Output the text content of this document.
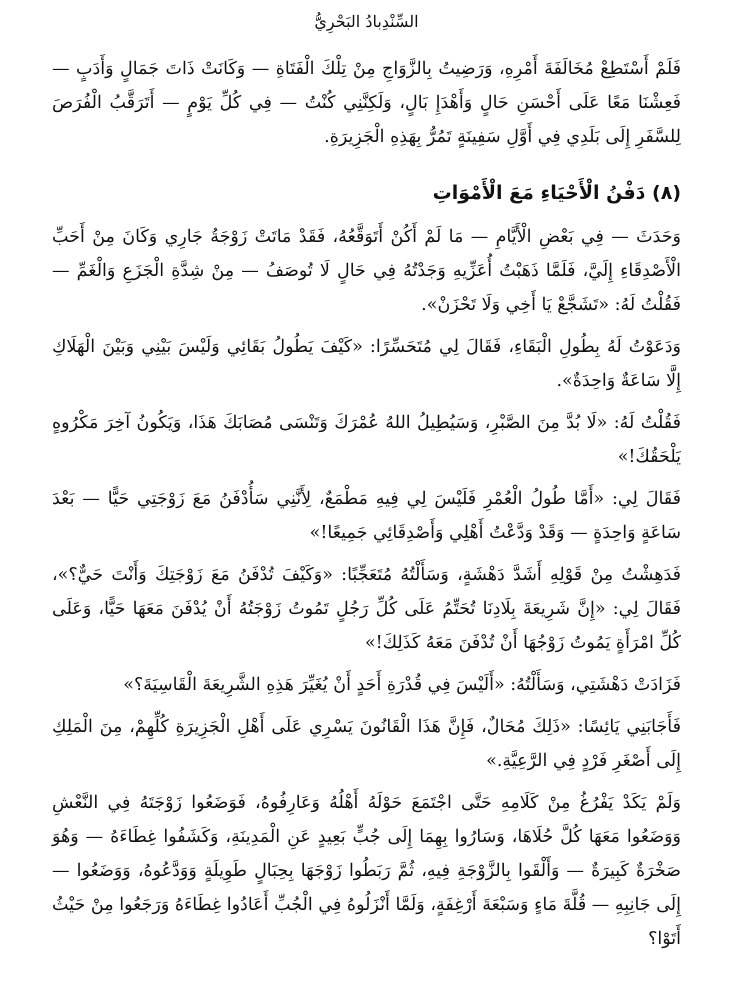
السِّنْدِبادُ البَحْرِيُّ

فَلَمْ أَسْتَطِعْ مُخَالَفَةَ أَمْرِهِ، وَرَضِيتُ بِالزَّوَاجِ مِنْ تِلْكَ الْفَتَاةِ — وَكَانَتْ ذَاتَ جَمَالٍ وَأَدَبٍ — فَعِشْنَا مَعًا عَلَى أَحْسَنِ حَالٍ وَأَهْدَإِ بَالٍ، وَلَكِنَّنِي كُنْتُ — فِي كُلِّ يَوْمٍ — أَتَرَقَّبُ الْفُرَصَ لِلسَّفَرِ إِلَى بَلَدِي فِي أَوَّلِ سَفِينَةٍ تَمُرُّ بِهَذِهِ الْجَزِيرَةِ.

(٨) دَفْنُ الْأَحْيَاءِ مَعَ الْأَمْوَاتِ

وَحَدَثَ — فِي بَعْضِ الْأَيَّامِ — مَا لَمْ أَكُنْ أَتَوَقَّعُهُ، فَقَدْ مَاتَتْ زَوْجَةُ جَارِي وَكَانَ مِنْ أَحَبِّ الْأَصْدِقَاءِ إِلَيَّ، فَلَمَّا ذَهَبْتُ أُعَزِّيهِ وَجَدْتُهُ فِي حَالٍ لَا تُوصَفُ — مِنْ شِدَّةِ الْجَزَعِ وَالْغَمِّ — فَقُلْتُ لَهُ: «تَشَجَّعْ يَا أَخِي وَلَا تَحْزَنْ».

وَدَعَوْتُ لَهُ بِطُولِ الْبَقَاءِ، فَقَالَ لِي مُتَحَسِّرًا: «كَيْفَ يَطُولُ بَقَائِي وَلَيْسَ بَيْنِي وَبَيْنَ الْهَلَاكِ إِلَّا سَاعَةٌ وَاحِدَةٌ».

فَقُلْتُ لَهُ: «لَا بُدَّ مِنَ الصَّبْرِ، وَسَيُطِيلُ اللهُ عُمْرَكَ وَتَنْسَى مُصَابَكَ هَذَا، وَيَكُونُ آخِرَ مَكْرُوهٍ يَلْحَقُكَ!»

فَقَالَ لِي: «أَمَّا طُولُ الْعُمْرِ فَلَيْسَ لِي فِيهِ مَطْمَعٌ، لِأَنَّنِي سَأُدْفَنُ مَعَ زَوْجَتِي حَيًّا — بَعْدَ سَاعَةٍ وَاحِدَةٍ — وَقَدْ وَدَّعْتُ أَهْلِي وَأَصْدِقَائِي جَمِيعًا!»

فَدَهِشْتُ مِنْ قَوْلِهِ أَشَدَّ دَهْشَةٍ، وَسَأَلْتُهُ مُتَعَجِّبًا: «وَكَيْفَ تُدْفَنُ مَعَ زَوْجَتِكَ وَأَنْتَ حَيٌّ؟»، فَقَالَ لِي: «إِنَّ شَرِيعَةَ بِلَادِنَا تُحَتِّمُ عَلَى كُلِّ رَجُلٍ تَمُوتُ زَوْجَتُهُ أَنْ يُدْفَنَ مَعَهَا حَيًّا، وَعَلَى كُلِّ امْرَأَةٍ يَمُوتُ زَوْجُهَا أَنْ تُدْفَنَ مَعَهُ كَذَلِكَ!»

فَزَادَتْ دَهْشَتِي، وَسَأَلْتُهُ: «أَلَيْسَ فِي قُدْرَةِ أَحَدٍ أَنْ يُغَيِّرَ هَذِهِ الشَّرِيعَةَ الْقَاسِيَةَ؟»

فَأَجَابَنِي يَائِسًا: «ذَلِكَ مُحَالٌ، فَإِنَّ هَذَا الْقَانُونَ يَسْرِي عَلَى أَهْلِ الْجَزِيرَةِ كُلِّهِمْ، مِنَ الْمَلِكِ إِلَى أَصْغَرِ فَرْدٍ فِي الرَّعِيَّةِ.»

وَلَمْ يَكَدْ يَفْرُغُ مِنْ كَلَامِهِ حَتَّى اجْتَمَعَ حَوْلَهُ أَهْلُهُ وَعَارِفُوهُ، فَوَضَعُوا زَوْجَتَهُ فِي النَّعْشِ وَوَضَعُوا مَعَهَا كُلَّ حُلَاهَا، وَسَارُوا بِهِمَا إِلَى جُبٍّ بَعِيدٍ عَنِ الْمَدِينَةِ، وَكَشَفُوا غِطَاءَهُ — وَهُوَ صَخْرَةٌ كَبِيرَةٌ — وَأَلْقَوا بِالزَّوْجَةِ فِيهِ، ثُمَّ رَبَطُوا زَوْجَهَا بِحِبَالٍ طَوِيلَةٍ وَوَدَّعُوهُ، وَوَضَعُوا — إِلَى جَانِبِهِ — قُلَّةَ مَاءٍ وَسَبْعَةَ أَرْغِفَةٍ، وَلَمَّا أَنْزَلُوهُ فِي الْجُبِّ أَعَادُوا غِطَاءَهُ وَرَجَعُوا مِنْ حَيْثُ أَتَوْا؟
